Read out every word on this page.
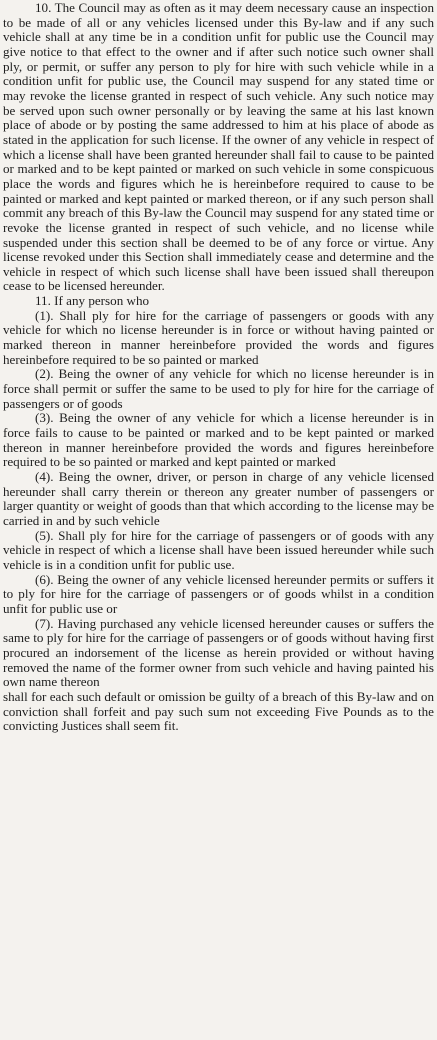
10. The Council may as often as it may deem necessary cause an inspection to be made of all or any vehicles licensed under this By-law and if any such vehicle shall at any time be in a condition unfit for public use the Council may give notice to that effect to the owner and if after such notice such owner shall ply, or permit, or suffer any person to ply for hire with such vehicle while in a condition unfit for public use, the Council may suspend for any stated time or may revoke the license granted in respect of such vehicle. Any such notice may be served upon such owner personally or by leaving the same at his last known place of abode or by posting the same addressed to him at his place of abode as stated in the application for such license. If the owner of any vehicle in respect of which a license shall have been granted hereunder shall fail to cause to be painted or marked and to be kept painted or marked on such vehicle in some conspicuous place the words and figures which he is hereinbefore required to cause to be painted or marked and kept painted or marked thereon, or if any such person shall commit any breach of this By-law the Council may suspend for any stated time or revoke the license granted in respect of such vehicle, and no license while suspended under this section shall be deemed to be of any force or virtue. Any license revoked under this Section shall immediately cease and determine and the vehicle in respect of which such license shall have been issued shall thereupon cease to be licensed hereunder.

11. If any person who

(1). Shall ply for hire for the carriage of passengers or goods with any vehicle for which no license hereunder is in force or without having painted or marked thereon in manner hereinbefore provided the words and figures hereinbefore required to be so painted or marked

(2). Being the owner of any vehicle for which no license hereunder is in force shall permit or suffer the same to be used to ply for hire for the carriage of passengers or of goods

(3). Being the owner of any vehicle for which a license hereunder is in force fails to cause to be painted or marked and to be kept painted or marked thereon in manner hereinbefore provided the words and figures hereinbefore required to be so painted or marked and kept painted or marked

(4). Being the owner, driver, or person in charge of any vehicle licensed hereunder shall carry therein or thereon any greater number of passengers or larger quantity or weight of goods than that which according to the license may be carried in and by such vehicle

(5). Shall ply for hire for the carriage of passengers or of goods with any vehicle in respect of which a license shall have been issued hereunder while such vehicle is in a condition unfit for public use.

(6). Being the owner of any vehicle licensed hereunder permits or suffers it to ply for hire for the carriage of passengers or of goods whilst in a condition unfit for public use or

(7). Having purchased any vehicle licensed hereunder causes or suffers the same to ply for hire for the carriage of passengers or of goods without having first procured an indorsement of the license as herein provided or without having removed the name of the former owner from such vehicle and having painted his own name thereon

shall for each such default or omission be guilty of a breach of this By-law and on conviction shall forfeit and pay such sum not exceeding Five Pounds as to the convicting Justices shall seem fit.
